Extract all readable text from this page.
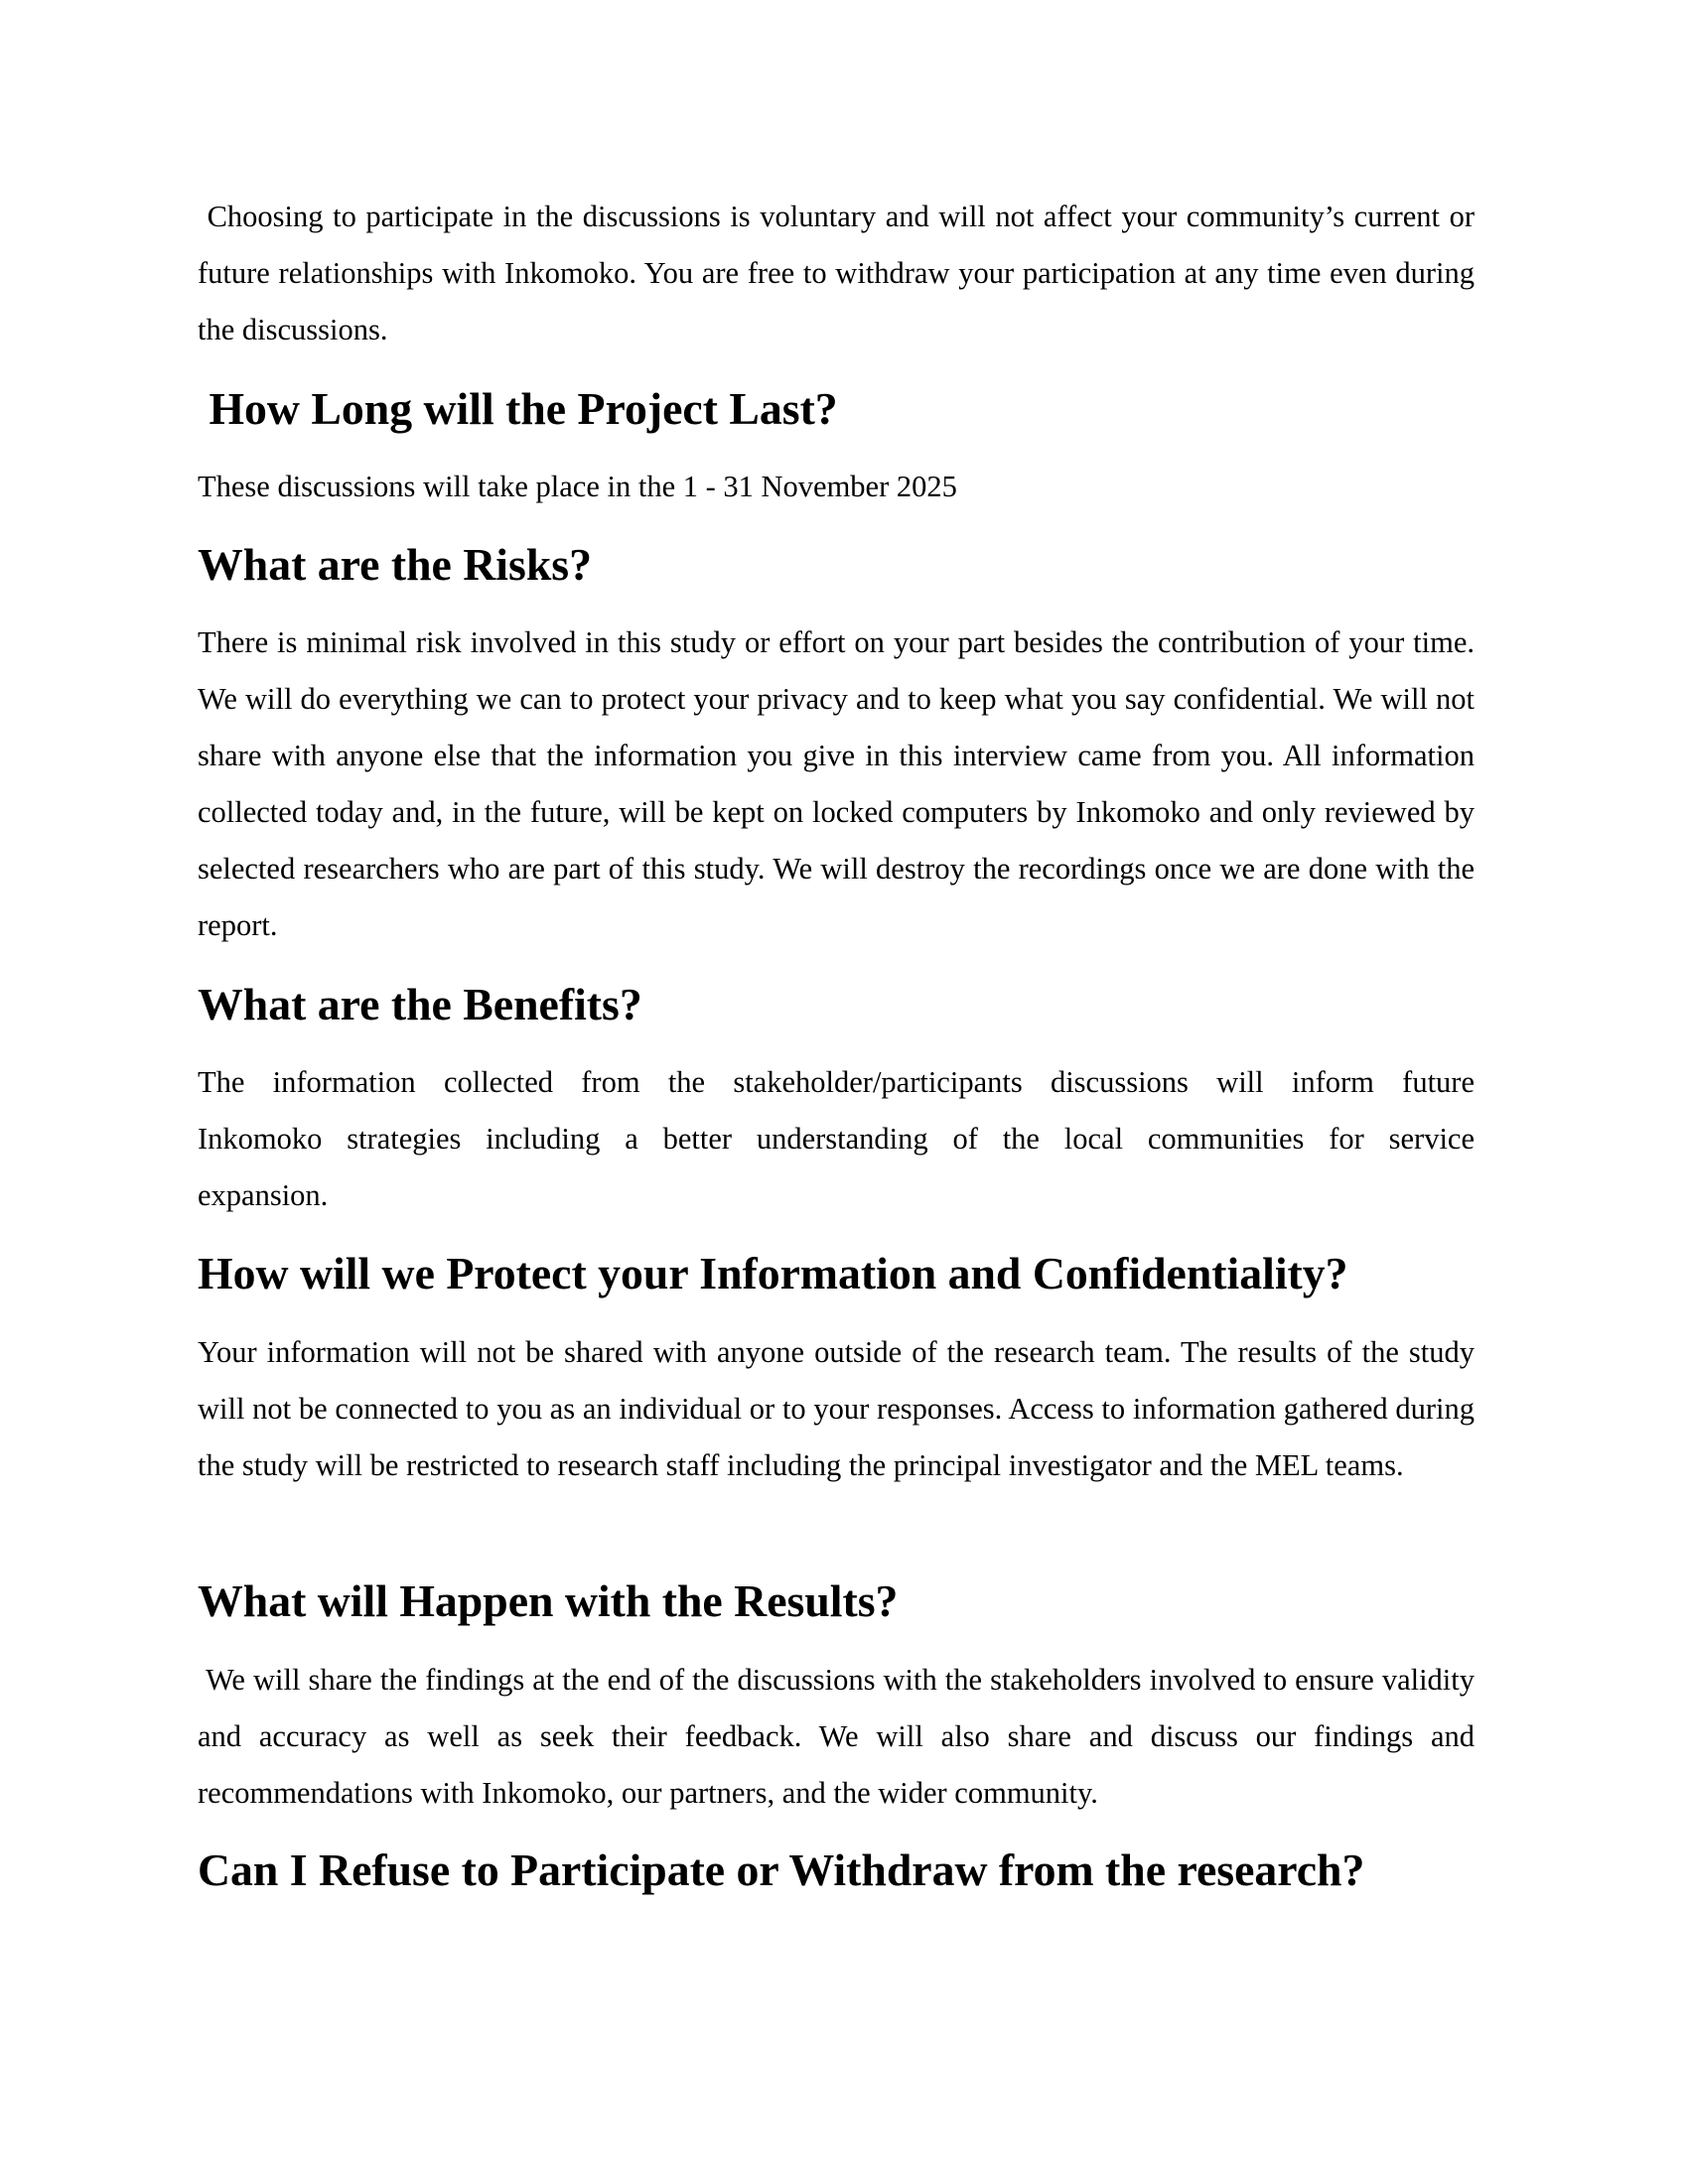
Choosing to participate in the discussions is voluntary and will not affect your community’s current or future relationships with Inkomoko. You are free to withdraw your participation at any time even during the discussions.

How Long will the Project Last?

These discussions will take place in the 1 - 31 November 2025

What are the Risks?

There is minimal risk involved in this study or effort on your part besides the contribution of your time. We will do everything we can to protect your privacy and to keep what you say confidential. We will not share with anyone else that the information you give in this interview came from you. All information collected today and, in the future, will be kept on locked computers by Inkomoko and only reviewed by selected researchers who are part of this study. We will destroy the recordings once we are done with the report.

What are the Benefits?

The information collected from the stakeholder/participants discussions will inform future Inkomoko strategies including a better understanding of the local communities for service expansion.

How will we Protect your Information and Confidentiality?

Your information will not be shared with anyone outside of the research team. The results of the study will not be connected to you as an individual or to your responses. Access to information gathered during the study will be restricted to research staff including the principal investigator and the MEL teams.

What will Happen with the Results?

We will share the findings at the end of the discussions with the stakeholders involved to ensure validity and accuracy as well as seek their feedback. We will also share and discuss our findings and recommendations with Inkomoko, our partners, and the wider community.

Can I Refuse to Participate or Withdraw from the research?
